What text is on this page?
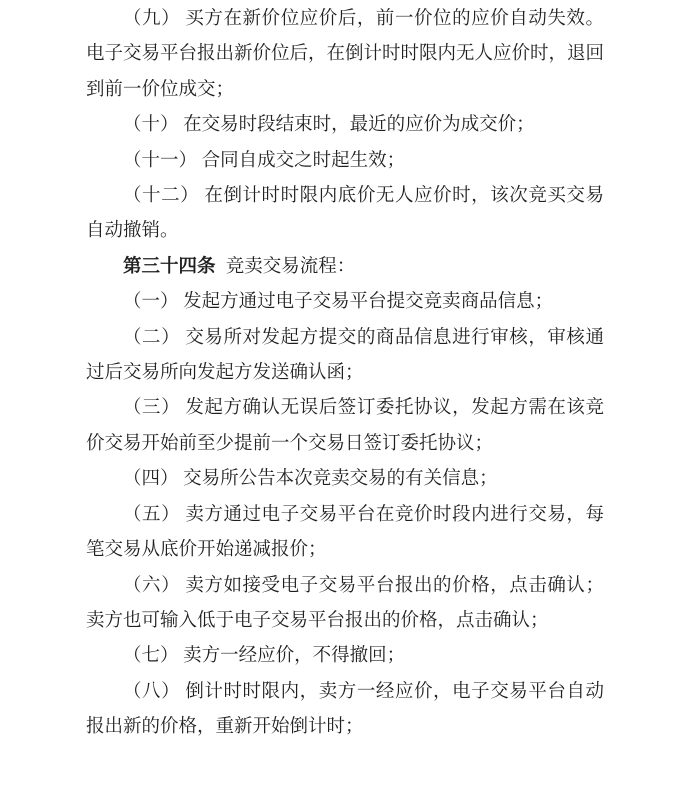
（九） 买方在新价位应价后，前一价位的应价自动失效。电子交易平台报出新价位后，在倒计时时限内无人应价时，退回到前一价位成交；

（十） 在交易时段结束时，最近的应价为成交价；

（十一） 合同自成交之时起生效；

（十二） 在倒计时时限内底价无人应价时，该次竞买交易自动撤销。

第三十四条 竞卖交易流程：

（一） 发起方通过电子交易平台提交竞卖商品信息；

（二） 交易所对发起方提交的商品信息进行审核，审核通过后交易所向发起方发送确认函；

（三） 发起方确认无误后签订委托协议，发起方需在该竞价交易开始前至少提前一个交易日签订委托协议；

（四） 交易所公告本次竞卖交易的有关信息；

（五） 卖方通过电子交易平台在竞价时段内进行交易，每笔交易从底价开始递减报价；

（六） 卖方如接受电子交易平台报出的价格，点击确认；卖方也可输入低于电子交易平台报出的价格，点击确认；

（七） 卖方一经应价，不得撤回；

（八） 倒计时时限内，卖方一经应价，电子交易平台自动报出新的价格，重新开始倒计时；
